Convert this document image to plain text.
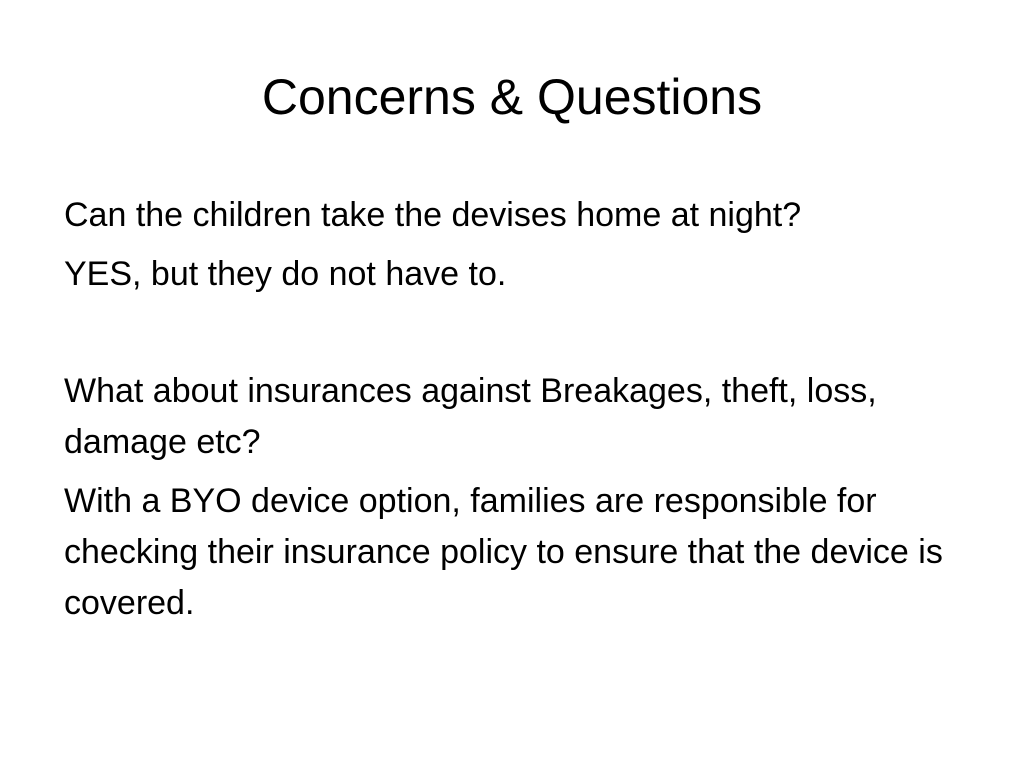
Concerns & Questions

Can the children take the devises home at night?

YES, but they do not have to.

What about insurances against Breakages, theft, loss, damage etc?

With a BYO device option, families are responsible for checking their insurance policy to ensure that the device is covered.
